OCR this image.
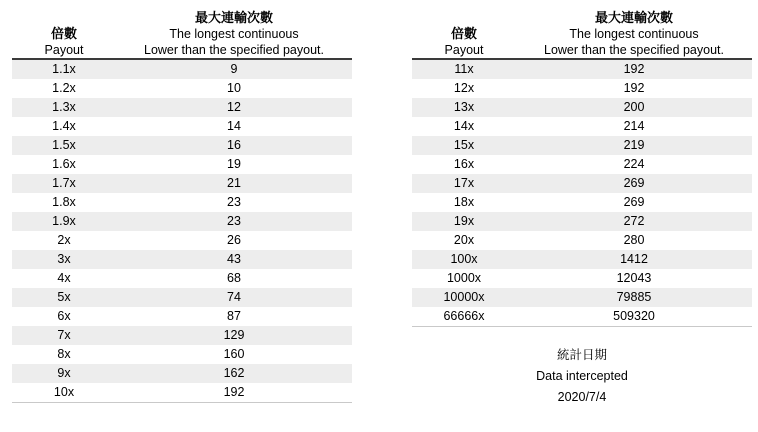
倍數
Payout	最大連輸次數
The longest continuous
Lower than the specified payout.

1.1x	9
1.2x	10
1.3x	12
1.4x	14
1.5x	16
1.6x	19
1.7x	21
1.8x	23
1.9x	23
2x	26
3x	43
4x	68
5x	74
6x	87
7x	129
8x	160
9x	162
10x	192
倍數
Payout	最大連輸次數
The longest continuous
Lower than the specified payout.

11x	192
12x	192
13x	200
14x	214
15x	219
16x	224
17x	269
18x	269
19x	272
20x	280
100x	1412
1000x	12043
10000x	79885
66666x	509320
統計日期
Data intercepted
2020/7/4
